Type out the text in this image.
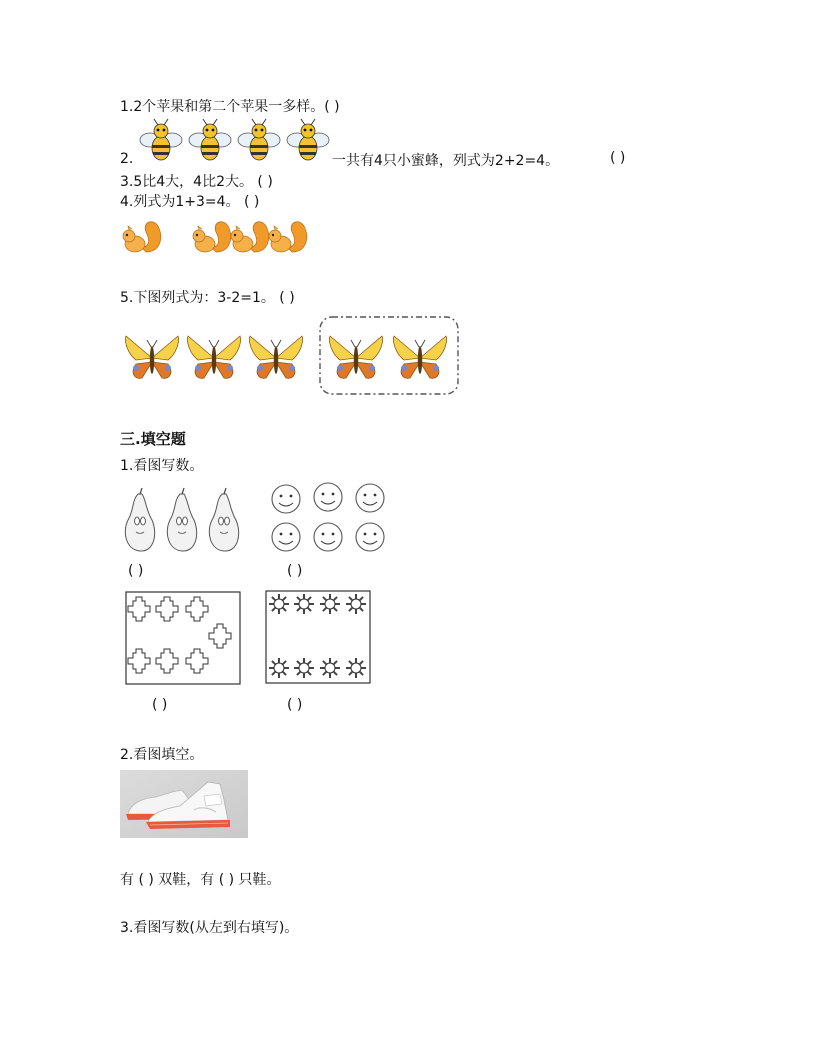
1.2个苹果和第二个苹果一多样。( )
2.	一共有4只小蜜蜂，列式为2+2=4。	( )
3.5比4大，4比2大。 ( )
4.列式为1+3=4。 ( )
5.下图列式为：3-2=1。 ( )
三.填空题
1.看图写数。
( )	( )
( )	( )
2.看图填空。
有 ( ) 双鞋，有 ( ) 只鞋。
3.看图写数(从左到右填写)。
